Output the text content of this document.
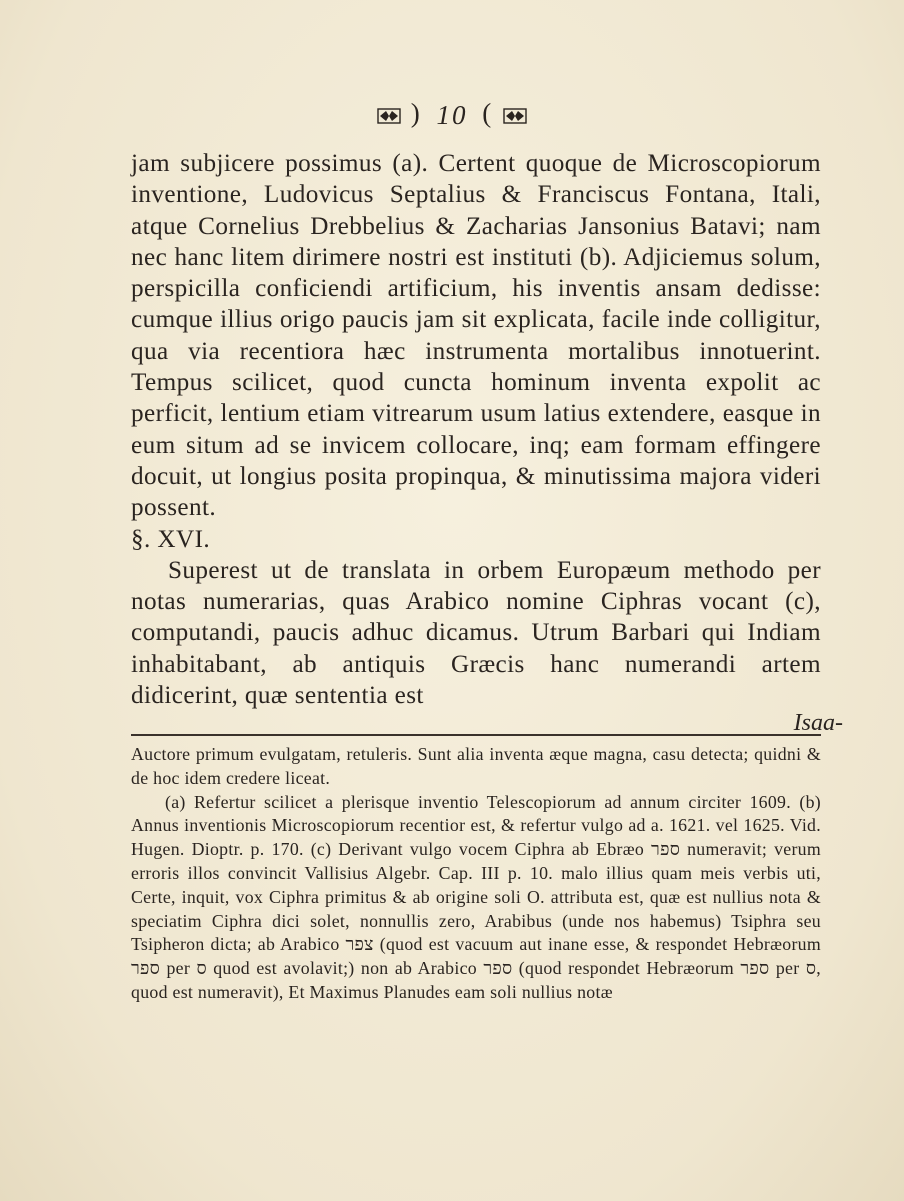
) 10 (

jam subjicere possimus (a). Certent quoque de Microscopiorum inventione, Ludovicus Septalius & Franciscus Fontana, Itali, atque Cornelius Drebbelius & Zacharias Jansonius Batavi; nam nec hanc litem dirimere nostri est instituti (b). Adjiciemus solum, perspicilla conficiendi artificium, his inventis ansam dedisse: cumque illius origo paucis jam sit explicata, facile inde colligitur, qua via recentiora hæc instrumenta mortalibus innotuerint. Tempus scilicet, quod cuncta hominum inventa expolit ac perficit, lentium etiam vitrearum usum latius extendere, easque in eum situm ad se invicem collocare, inq; eam formam effingere docuit, ut longius posita propinqua, & minutissima majora videri possent.

§. XVI.

Superest ut de translata in orbem Europæum methodo per notas numerarias, quas Arabico nomine Ciphras vocant (c), computandi, paucis adhuc dicamus. Utrum Barbari qui Indiam inhabitabant, ab antiquis Græcis hanc numerandi artem didicerint, quæ sententia est

Isaa-

Auctore primum evulgatam, retuleris. Sunt alia inventa æque magna, casu detecta; quidni & de hoc idem credere liceat.

(a) Refertur scilicet a plerisque inventio Telescopiorum ad annum circiter 1609. (b) Annus inventionis Microscopiorum recentior est, & refertur vulgo ad a. 1621. vel 1625. Vid. Hugen. Dioptr. p. 170. (c) Derivant vulgo vocem Ciphra ab Ebræo ספר numeravit; verum erroris illos convincit Vallisius Algebr. Cap. III p. 10. malo illius quam meis verbis uti, Certe, inquit, vox Ciphra primitus & ab origine soli O. attributa est, quæ est nullius nota & speciatim Ciphra dici solet, nonnullis zero, Arabibus (unde nos habemus) Tsiphra seu Tsipheron dicta; ab Arabico צפר (quod est vacuum aut inane esse, & respondet Hebræorum ספר per ס quod est avolavit;) non ab Arabico ספר (quod respondet Hebræorum ספר per ס, quod est numeravit), Et Maximus Planudes eam soli nullius notæ
